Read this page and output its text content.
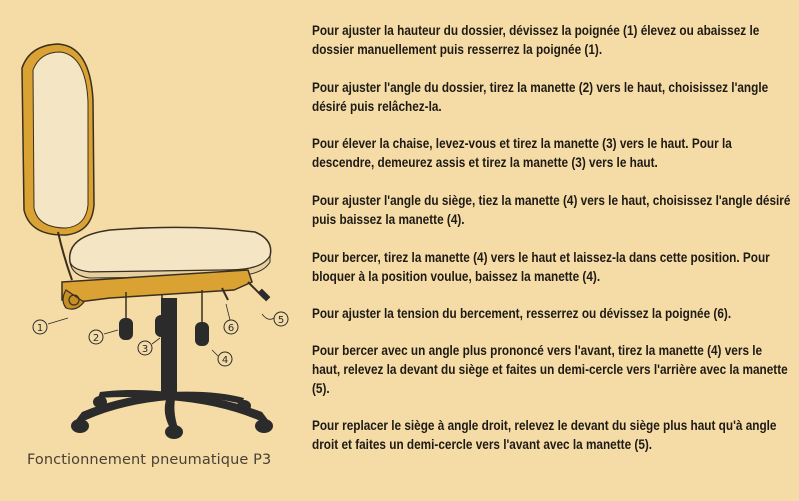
1
2
3
4
5
6
Fonctionnement pneumatique P3

Pour ajuster la hauteur du dossier, dévissez la poignée (1) élevez ou abaissez le dossier manuellement puis resserrez la poignée (1).

Pour ajuster l'angle du dossier, tirez la manette (2) vers le haut, choisissez l'angle désiré puis relâchez-la.

Pour élever la chaise, levez-vous et tirez la manette (3) vers le haut. Pour la descendre, demeurez assis et tirez la manette (3) vers le haut.

Pour ajuster l'angle du siège, tiez la manette (4) vers le haut, choisissez l'angle désiré puis baissez la manette (4).

Pour bercer, tirez la manette (4) vers le haut et laissez-la dans cette position. Pour bloquer à la position voulue, baissez la manette (4).

Pour ajuster la tension du bercement, resserrez ou dévissez la poignée (6).

Pour bercer avec un angle plus prononcé vers l'avant, tirez la manette (4) vers le haut, relevez la devant du siège et faites un demi-cercle vers l'arrière avec la manette (5).

Pour replacer le siège à angle droit, relevez le devant du siège plus haut qu'à angle droit et faites un demi-cercle vers l'avant avec la manette (5).
